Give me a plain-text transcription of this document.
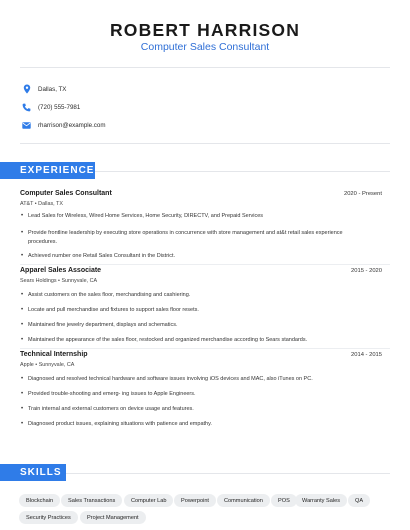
ROBERT HARRISON
Computer Sales Consultant
Dallas, TX
(720) 555-7981
rharrison@example.com
EXPERIENCE
Computer Sales Consultant	2020 - Present
AT&T • Dallas, TX
• Lead Sales for Wireless, Wired Home Services, Home Security, DIRECTV, and Prepaid Services
• Provide frontline leadership by executing store operations in concurrence with store management and at&t retail sales experience procedures.
• Achieved number one Retail Sales Consultant in the District.
Apparel Sales Associate	2015 - 2020
Sears Holdings • Sunnyvale, CA
• Assist customers on the sales floor, merchandising and cashiering.
• Locate and pull merchandise and fixtures to support sales floor resets.
• Maintained fine jewelry department, displays and schematics.
• Maintained the appearance of the sales floor, restocked and organized merchandise according to Sears standards.
Technical Internship	2014 - 2015
Apple • Sunnyvale, CA
• Diagnosed and resolved technical hardware and software issues involving iOS devices and MAC, also iTunes on PC.
• Provided trouble-shooting and emerg- ing issues to Apple Engineers.
• Train internal and external customers on device usage and features.
• Diagnosed product issues, explaining situations with patience and empathy.
SKILLS
Blockchain	Sales Transactions	Computer Lab	Powerpoint	Communication	POS	Warranty Sales	QA
Security Practices	Project Management
